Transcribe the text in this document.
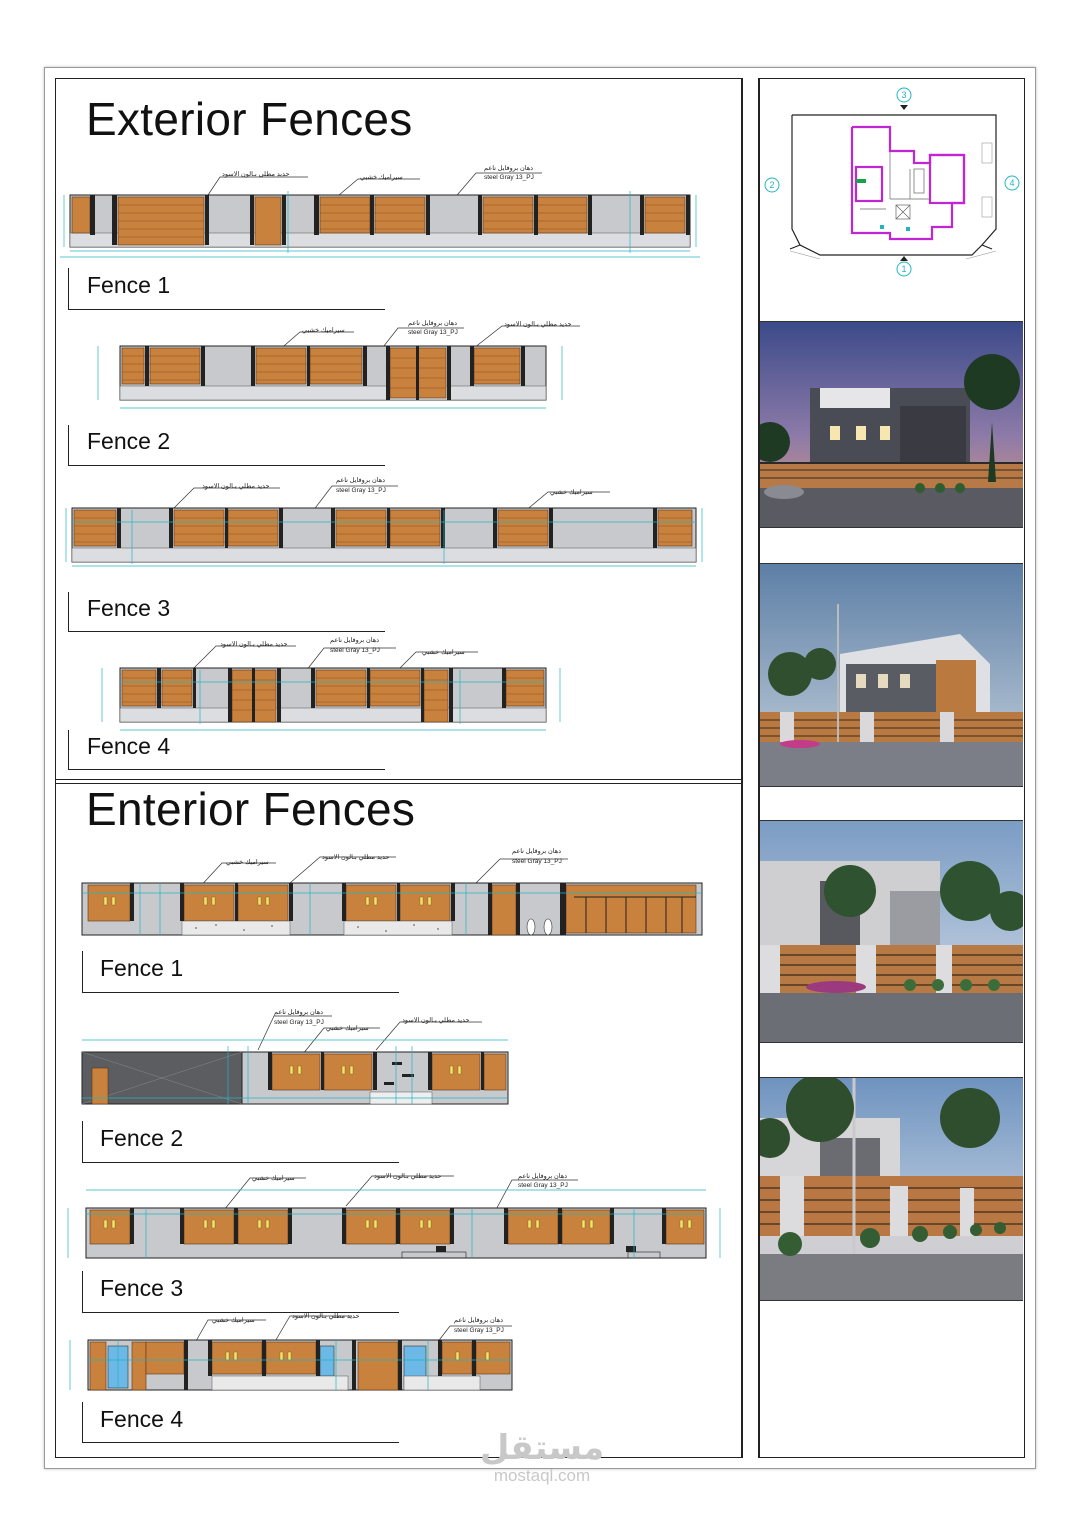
Exterior Fences
حديد مطلي بـالون الاسود	سيراميك خشبي
دهان بروفايل ناعم
steel Gray 13_PJ
Fence 1
سيراميك خشبي
دهان بروفايل ناعم
steel Gray 13_PJ
حديد مطلي بـالون الاسود
Fence 2
حديد مطلي بـالون الاسود
دهان بروفايل ناعم
steel Gray 13_PJ	سيراميك خشبي
Fence 3
حديد مطلي بـالون الاسود
دهان بروفايل ناعم
steel Gray 13_PJ	سيراميك خشبي
Fence 4
Enterior Fences
سيراميك خشبي
حديد مطلي بـالون الاسود
دهان بروفايل ناعم
steel Gray 13_PJ
Fence 1
دهان بروفايل ناعم
steel Gray 13_PJ
سيراميك خشبي
حديد مطلي بـالون الاسود
Fence 2
سيراميك خشبي	حديد مطلي بـالون الاسود	دهان بروفايل ناعم
steel Gray 13_PJ
Fence 3
سيراميك خشبي
حديد مطلي بـالون الاسود
دهان بروفايل ناعم
steel Gray 13_PJ
Fence 4
3
2	4
1
مستقل
mostaql.com
